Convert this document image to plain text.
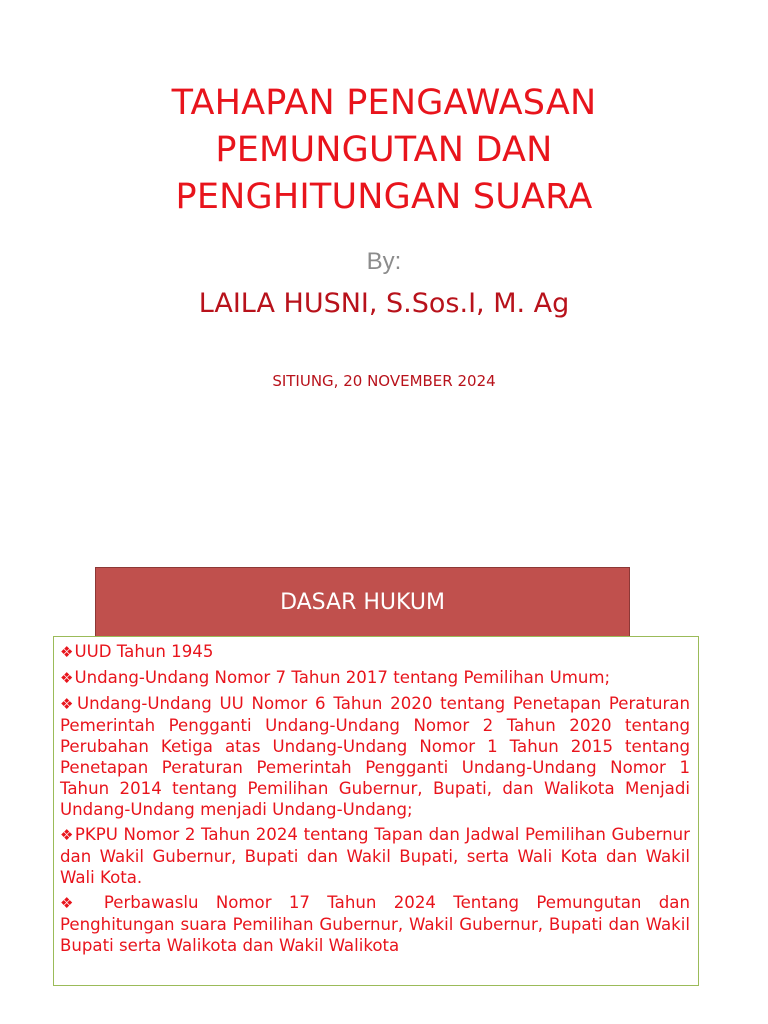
TAHAPAN PENGAWASAN
PEMUNGUTAN DAN
PENGHITUNGAN SUARA
By:
LAILA HUSNI, S.Sos.I, M. Ag
SITIUNG, 20 NOVEMBER 2024
DASAR HUKUM

❖UUD Tahun 1945

❖Undang-Undang Nomor 7 Tahun 2017 tentang Pemilihan Umum;

❖Undang-Undang UU Nomor 6 Tahun 2020 tentang Penetapan Peraturan Pemerintah Pengganti Undang-Undang Nomor 2 Tahun 2020 tentang Perubahan Ketiga atas Undang-Undang Nomor 1 Tahun 2015 tentang Penetapan Peraturan Pemerintah Pengganti Undang-Undang Nomor 1 Tahun 2014 tentang Pemilihan Gubernur, Bupati, dan Walikota Menjadi Undang-Undang menjadi Undang-Undang;

❖PKPU Nomor 2 Tahun 2024 tentang Tapan dan Jadwal Pemilihan Gubernur dan Wakil Gubernur, Bupati dan Wakil Bupati, serta Wali Kota dan Wakil Wali Kota.

❖ Perbawaslu Nomor 17 Tahun 2024 Tentang Pemungutan dan Penghitungan suara Pemilihan Gubernur, Wakil Gubernur, Bupati dan Wakil Bupati serta Walikota dan Wakil Walikota
